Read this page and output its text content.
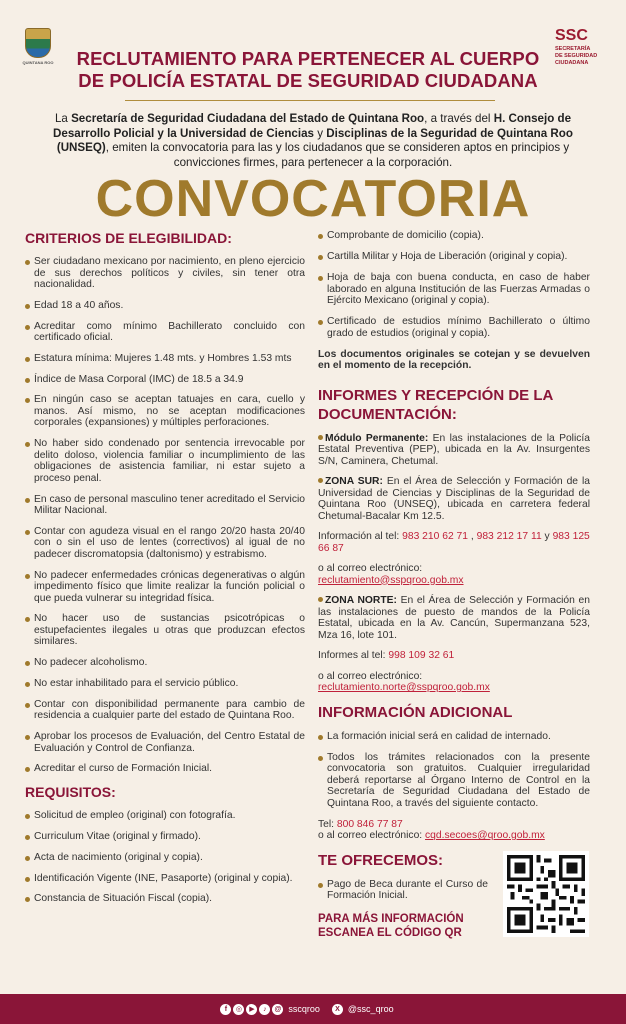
QUINTANA ROO	RECLUTAMIENTO PARA PERTENECER AL CUERPO
DE POLICÍA ESTATAL DE SEGURIDAD CIUDADANA
SSC
SECRETARÍA
DE SEGURIDAD
CIUDADANA
La Secretaría de Seguridad Ciudadana del Estado de Quintana Roo, a través del H. Consejo de Desarrollo Policial y la Universidad de Ciencias y Disciplinas de la Seguridad de Quintana Roo (UNSEQ), emiten la convocatoria para las y los ciudadanos que se consideren aptos en principios y convicciones firmes, para pertenecer a la corporación.
CONVOCATORIA
CRITERIOS DE ELEGIBILIDAD:
Ser ciudadano mexicano por nacimiento, en pleno ejercicio de sus derechos políticos y civiles, sin tener otra nacionalidad.
Edad 18 a 40 años.
Acreditar como mínimo Bachillerato concluido con certificado oficial.
Estatura mínima: Mujeres 1.48 mts. y Hombres 1.53 mts
Índice de Masa Corporal (IMC) de 18.5 a 34.9
En ningún caso se aceptan tatuajes en cara, cuello y manos. Así mismo, no se aceptan modificaciones corporales (expansiones) y múltiples perforaciones.
No haber sido condenado por sentencia irrevocable por delito doloso, violencia familiar o incumplimiento de las obligaciones de asistencia familiar, ni estar sujeto a proceso penal.
En caso de personal masculino tener acreditado el Servicio Militar Nacional.
Contar con agudeza visual en el rango 20/20 hasta 20/40 con o sin el uso de lentes (correctivos) al igual de no padecer discromatopsia (daltonismo) y estrabismo.
No padecer enfermedades crónicas degenerativas o algún impedimento físico que limite realizar la función policial o que pueda vulnerar su integridad física.
No hacer uso de sustancias psicotrópicas o estupefacientes ilegales u otras que produzcan efectos similares.
No padecer alcoholismo.
No estar inhabilitado para el servicio público.
Contar con disponibilidad permanente para cambio de residencia a cualquier parte del estado de Quintana Roo.
Aprobar los procesos de Evaluación, del Centro Estatal de Evaluación y Control de Confianza.
Acreditar el curso de Formación Inicial.
REQUISITOS:
Solicitud de empleo (original) con fotografía.
Curriculum Vitae (original y firmado).
Acta de nacimiento (original y copia).
Identificación Vigente (INE, Pasaporte) (original y copia).
Constancia de Situación Fiscal (copia).
Comprobante de domicilio (copia).
Cartilla Militar y Hoja de Liberación (original y copia).
Hoja de baja con buena conducta, en caso de haber laborado en alguna Institución de las Fuerzas Armadas o Ejército Mexicano (original y copia).
Certificado de estudios mínimo Bachillerato o último grado de estudios (original y copia).
Los documentos originales se cotejan y se devuelven en el momento de la recepción.
INFORMES Y RECEPCIÓN DE LA
DOCUMENTACIÓN:
Módulo Permanente: En las instalaciones de la Policía Estatal Preventiva (PEP), ubicada en la Av. Insurgentes S/N, Caminera, Chetumal.
ZONA SUR: En el Área de Selección y Formación de la Universidad de Ciencias y Disciplinas de la Seguridad de Quintana Roo (UNSEQ), ubicada en carretera federal Chetumal-Bacalar Km 12.5.
Información al tel: 983 210 62 71 , 983 212 17 11 y 983 125 66 87
o al correo electrónico:
reclutamiento@sspqroo.gob.mx
ZONA NORTE: En el Área de Selección y Formación en las instalaciones de puesto de mandos de la Policía Estatal, ubicada en la Av. Cancún, Supermanzana 523, Mza 16, lote 101.
Informes al tel: 998 109 32 61
o al correo electrónico:
reclutamiento.norte@sspqroo.gob.mx
INFORMACIÓN ADICIONAL
La formación inicial será en calidad de internado.
Todos los trámites relacionados con la presente convocatoria son gratuitos. Cualquier irregularidad deberá reportarse al Órgano Interno de Control en la Secretaría de Seguridad Ciudadana del Estado de Quintana Roo, a través del siguiente contacto.
Tel: 800 846 77 87
o al correo electrónico: cqd.secoes@qroo.gob.mx
TE OFRECEMOS:
Pago de Beca durante el Curso de Formación Inicial.
PARA MÁS INFORMACIÓN
ESCANEA EL CÓDIGO QR
f	◎	▶	♪	@ sscqroo	X @ssc_qroo
